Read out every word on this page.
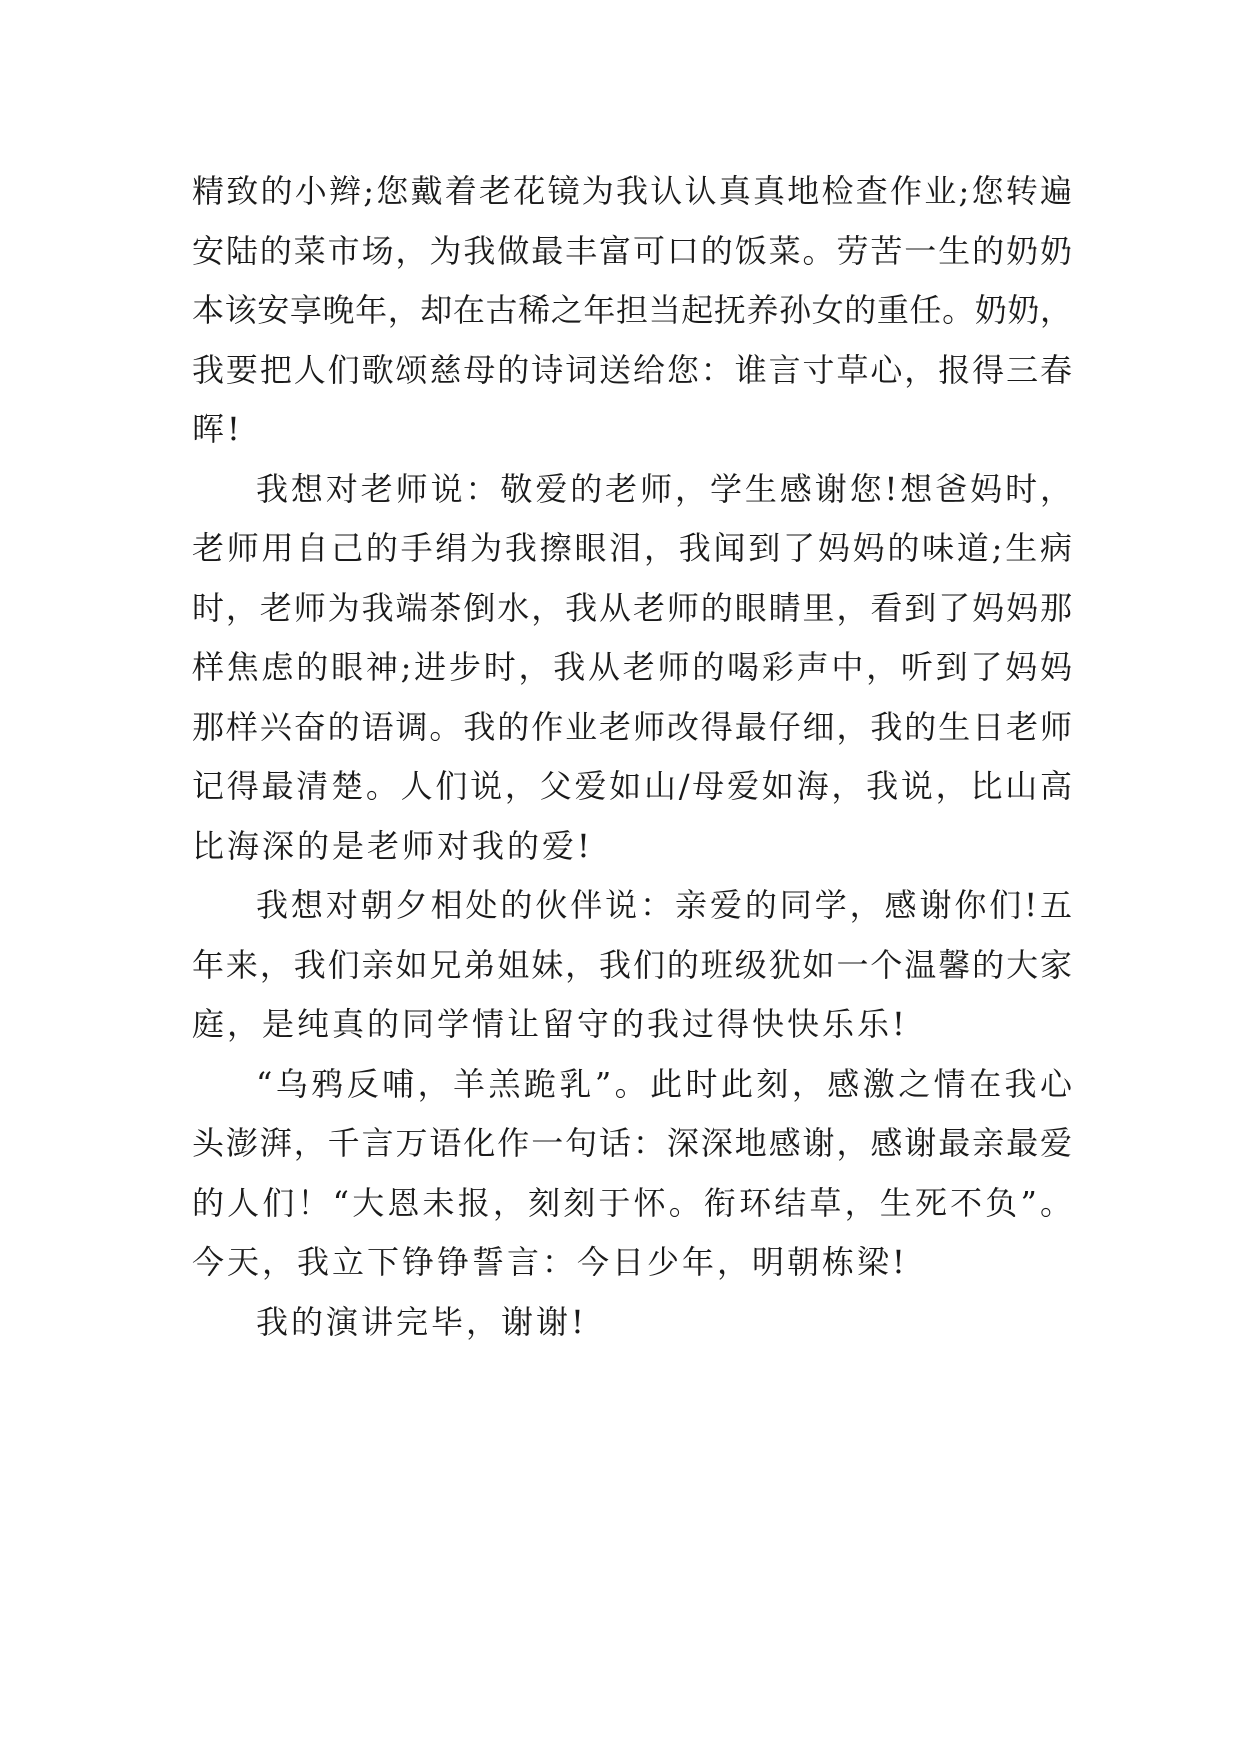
精致的小辫;您戴着老花镜为我认认真真地检查作业;您转遍
安陆的菜市场，为我做最丰富可口的饭菜。劳苦一生的奶奶
本该安享晚年，却在古稀之年担当起抚养孙女的重任。奶奶，
我要把人们歌颂慈母的诗词送给您：谁言寸草心，报得三春
晖!
我想对老师说：敬爱的老师，学生感谢您!想爸妈时，
老师用自己的手绢为我擦眼泪，我闻到了妈妈的味道;生病
时，老师为我端茶倒水，我从老师的眼睛里，看到了妈妈那
样焦虑的眼神;进步时，我从老师的喝彩声中，听到了妈妈
那样兴奋的语调。我的作业老师改得最仔细，我的生日老师
记得最清楚。人们说，父爱如山/母爱如海，我说，比山高
比海深的是老师对我的爱!
我想对朝夕相处的伙伴说：亲爱的同学，感谢你们!五
年来，我们亲如兄弟姐妹，我们的班级犹如一个温馨的大家
庭，是纯真的同学情让留守的我过得快快乐乐!
“乌鸦反哺，羊羔跪乳”。此时此刻，感激之情在我心
头澎湃，千言万语化作一句话：深深地感谢，感谢最亲最爱
的人们！“大恩未报，刻刻于怀。衔环结草，生死不负”。
今天，我立下铮铮誓言：今日少年，明朝栋梁!
我的演讲完毕，谢谢!
